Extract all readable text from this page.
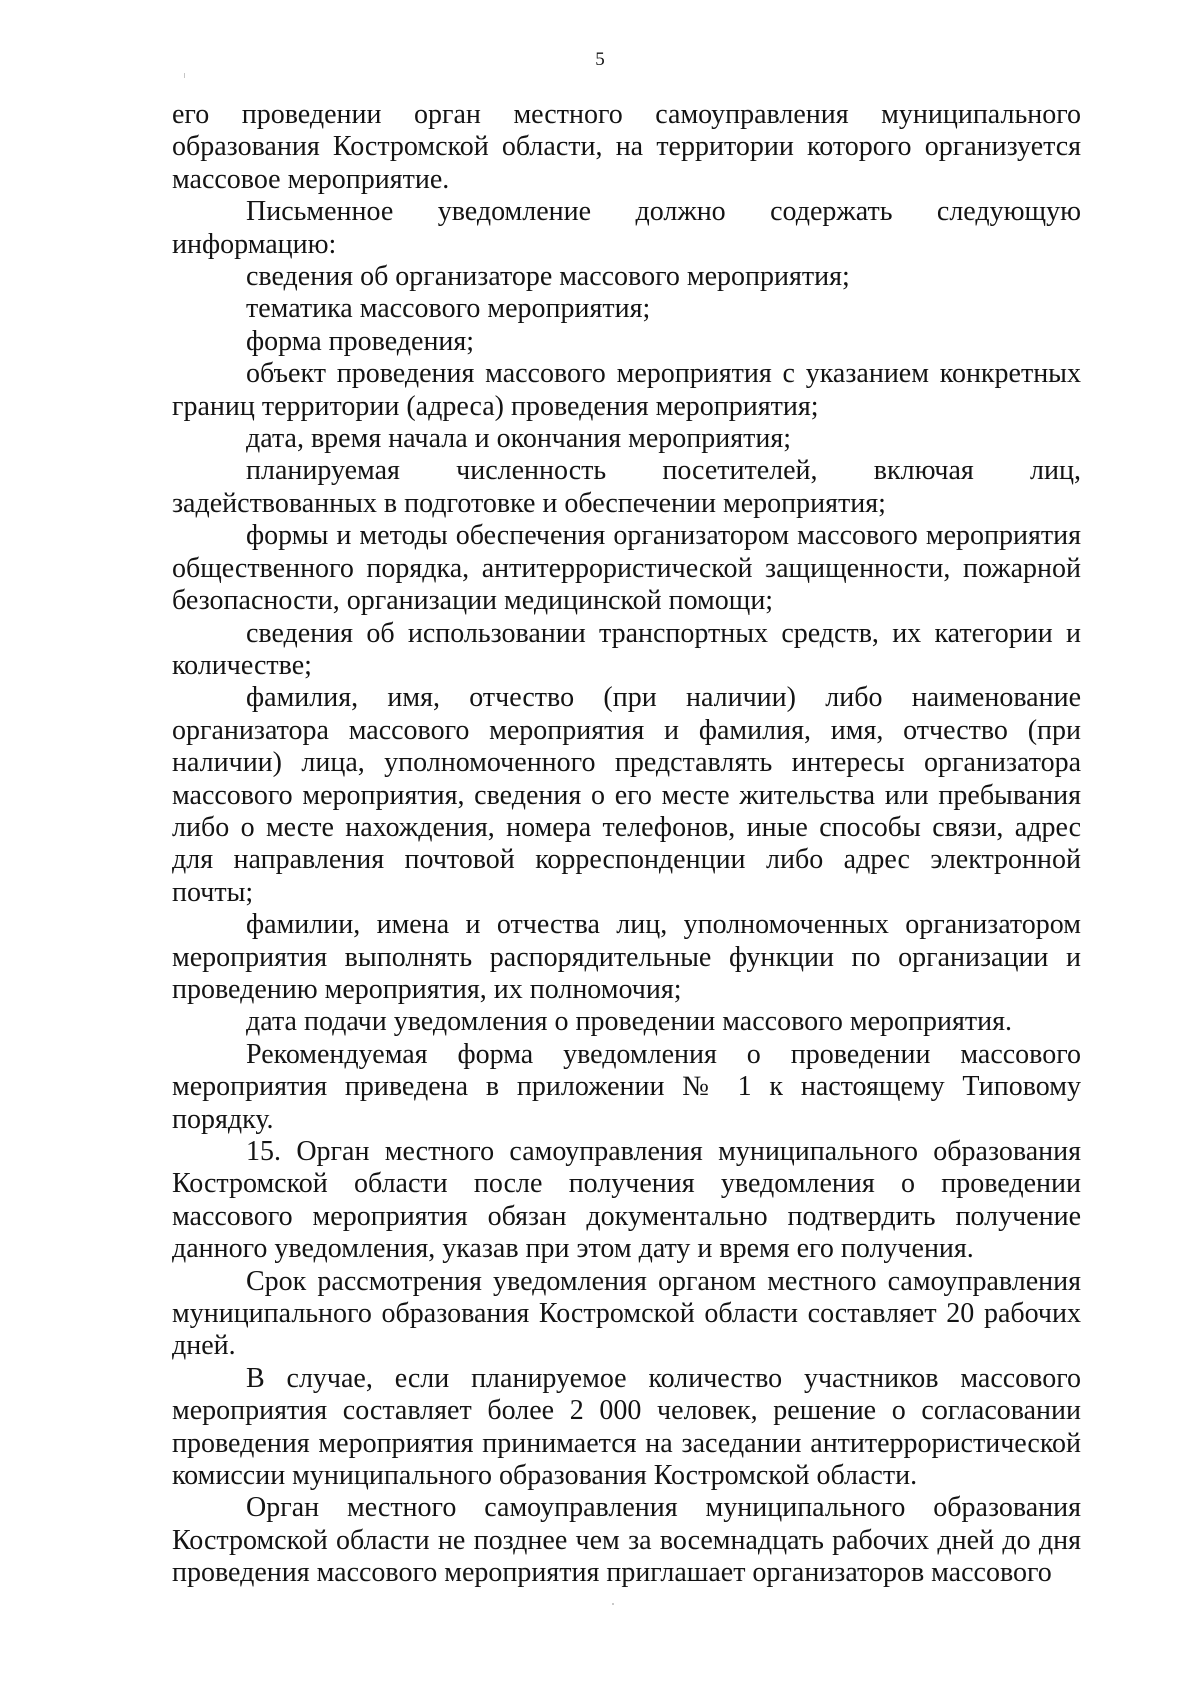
5

его проведении орган местного самоуправления муниципального образования Костромской области, на территории которого организуется массовое мероприятие.

Письменное уведомление должно содержать следующую информацию:

сведения об организаторе массового мероприятия;

тематика массового мероприятия;

форма проведения;

объект проведения массового мероприятия с указанием конкретных границ территории (адреса) проведения мероприятия;

дата, время начала и окончания мероприятия;

планируемая численность посетителей, включая лиц, задействованных в подготовке и обеспечении мероприятия;

формы и методы обеспечения организатором массового мероприятия общественного порядка, антитеррористической защищенности, пожарной безопасности, организации медицинской помощи;

сведения об использовании транспортных средств, их категории и количестве;

фамилия, имя, отчество (при наличии) либо наименование организатора массового мероприятия и фамилия, имя, отчество (при наличии) лица, уполномоченного представлять интересы организатора массового мероприятия, сведения о его месте жительства или пребывания либо о месте нахождения, номера телефонов, иные способы связи, адрес для направления почтовой корреспонденции либо адрес электронной почты;

фамилии, имена и отчества лиц, уполномоченных организатором мероприятия выполнять распорядительные функции по организации и проведению мероприятия, их полномочия;

дата подачи уведомления о проведении массового мероприятия.

Рекомендуемая форма уведомления о проведении массового мероприятия приведена в приложении № 1 к настоящему Типовому порядку.

15. Орган местного самоуправления муниципального образования Костромской области после получения уведомления о проведении массового мероприятия обязан документально подтвердить получение данного уведомления, указав при этом дату и время его получения.

Срок рассмотрения уведомления органом местного самоуправления муниципального образования Костромской области составляет 20 рабочих дней.

В случае, если планируемое количество участников массового мероприятия составляет более 2 000 человек, решение о согласовании проведения мероприятия принимается на заседании антитеррористической комиссии муниципального образования Костромской области.

Орган местного самоуправления муниципального образования Костромской области не позднее чем за восемнадцать рабочих дней до дня проведения массового мероприятия приглашает организаторов массового
